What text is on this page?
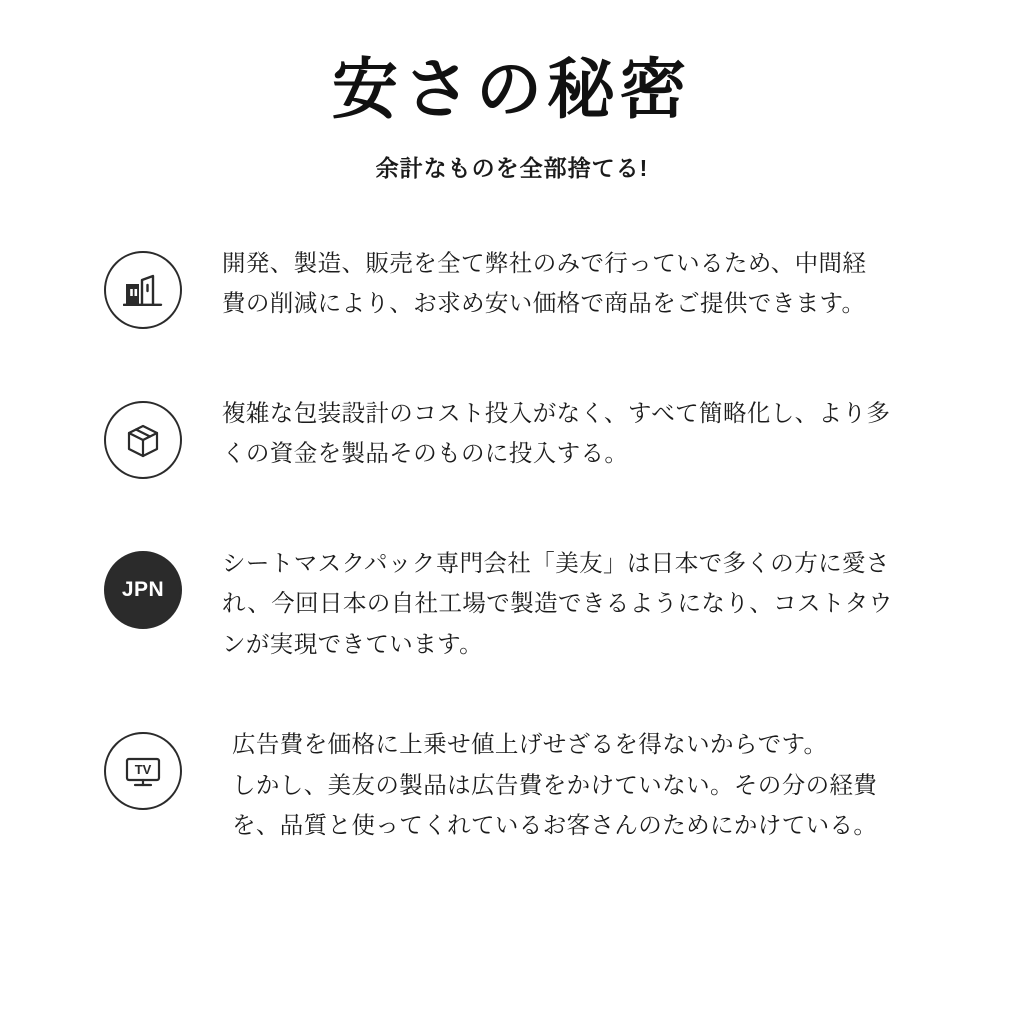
安さの秘密
余計なものを全部捨てる!
開発、製造、販売を全て弊社のみで行っているため、中間経
費の削減により、お求め安い価格で商品をご提供できます。
複雑な包装設計のコスト投入がなく、すべて簡略化し、より多
くの資金を製品そのものに投入する。
JPN
シートマスクパック専門会社「美友」は日本で多くの方に愛さ
れ、今回日本の自社工場で製造できるようになり、コストタウ
ンが実現できています。
TV
広告費を価格に上乗せ値上げせざるを得ないからです。
しかし、美友の製品は広告費をかけていない。その分の経費
を、品質と使ってくれているお客さんのためにかけている。
